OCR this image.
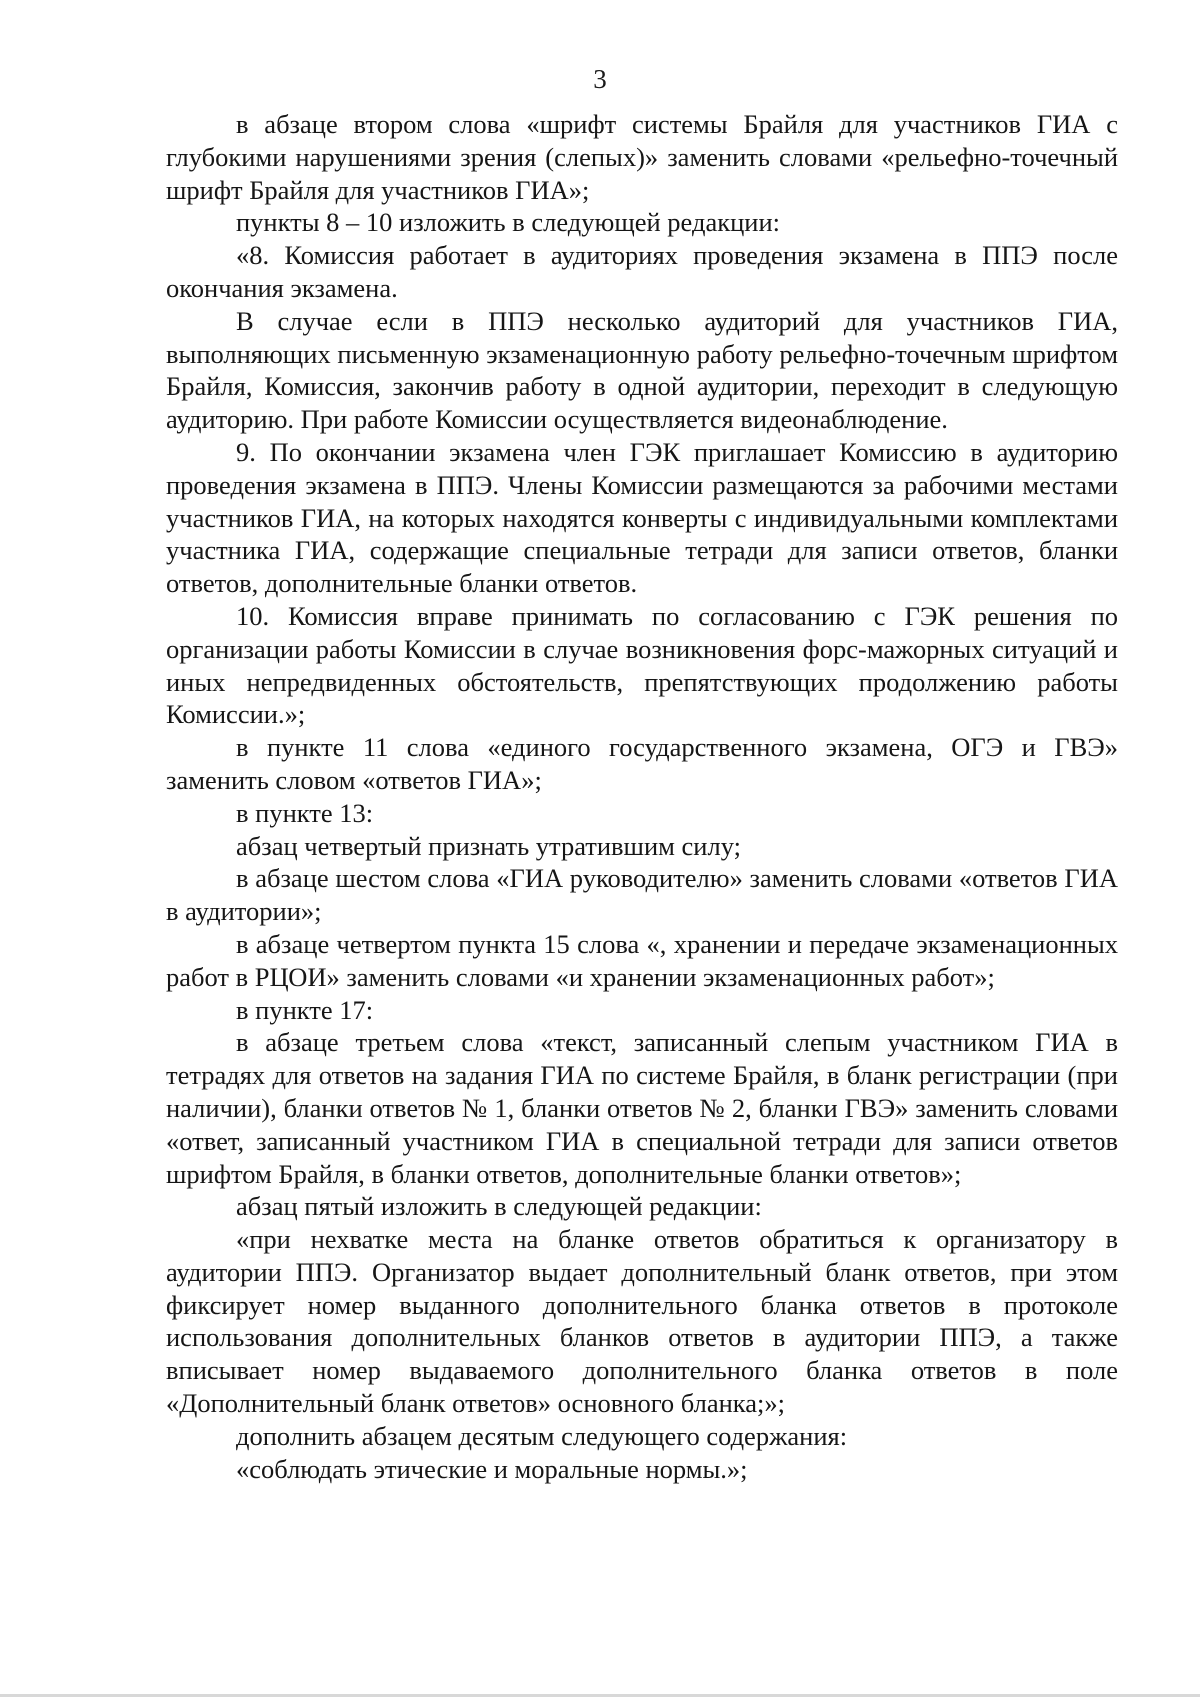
3

в абзаце втором слова «шрифт системы Брайля для участников ГИА с глубокими нарушениями зрения (слепых)» заменить словами «рельефно-точечный шрифт Брайля для участников ГИА»;

пункты 8 – 10 изложить в следующей редакции:

«8. Комиссия работает в аудиториях проведения экзамена в ППЭ после окончания экзамена.

В случае если в ППЭ несколько аудиторий для участников ГИА, выполняющих письменную экзаменационную работу рельефно-точечным шрифтом Брайля, Комиссия, закончив работу в одной аудитории, переходит в следующую аудиторию. При работе Комиссии осуществляется видеонаблюдение.

9. По окончании экзамена член ГЭК приглашает Комиссию в аудиторию проведения экзамена в ППЭ. Члены Комиссии размещаются за рабочими местами участников ГИА, на которых находятся конверты с индивидуальными комплектами участника ГИА, содержащие специальные тетради для записи ответов, бланки ответов, дополнительные бланки ответов.

10. Комиссия вправе принимать по согласованию с ГЭК решения по организации работы Комиссии в случае возникновения форс-мажорных ситуаций и иных непредвиденных обстоятельств, препятствующих продолжению работы Комиссии.»;

в пункте 11 слова «единого государственного экзамена, ОГЭ и ГВЭ» заменить словом «ответов ГИА»;

в пункте 13:

абзац четвертый признать утратившим силу;

в абзаце шестом слова «ГИА руководителю» заменить словами «ответов ГИА в аудитории»;

в абзаце четвертом пункта 15 слова «, хранении и передаче экзаменационных работ в РЦОИ» заменить словами «и хранении экзаменационных работ»;

в пункте 17:

в абзаце третьем слова «текст, записанный слепым участником ГИА в тетрадях для ответов на задания ГИА по системе Брайля, в бланк регистрации (при наличии), бланки ответов № 1, бланки ответов № 2, бланки ГВЭ» заменить словами «ответ, записанный участником ГИА в специальной тетради для записи ответов шрифтом Брайля, в бланки ответов, дополнительные бланки ответов»;

абзац пятый изложить в следующей редакции:

«при нехватке места на бланке ответов обратиться к организатору в аудитории ППЭ. Организатор выдает дополнительный бланк ответов, при этом фиксирует номер выданного дополнительного бланка ответов в протоколе использования дополнительных бланков ответов в аудитории ППЭ, а также вписывает номер выдаваемого дополнительного бланка ответов в поле «Дополнительный бланк ответов» основного бланка;»;

дополнить абзацем десятым следующего содержания:

«соблюдать этические и моральные нормы.»;
